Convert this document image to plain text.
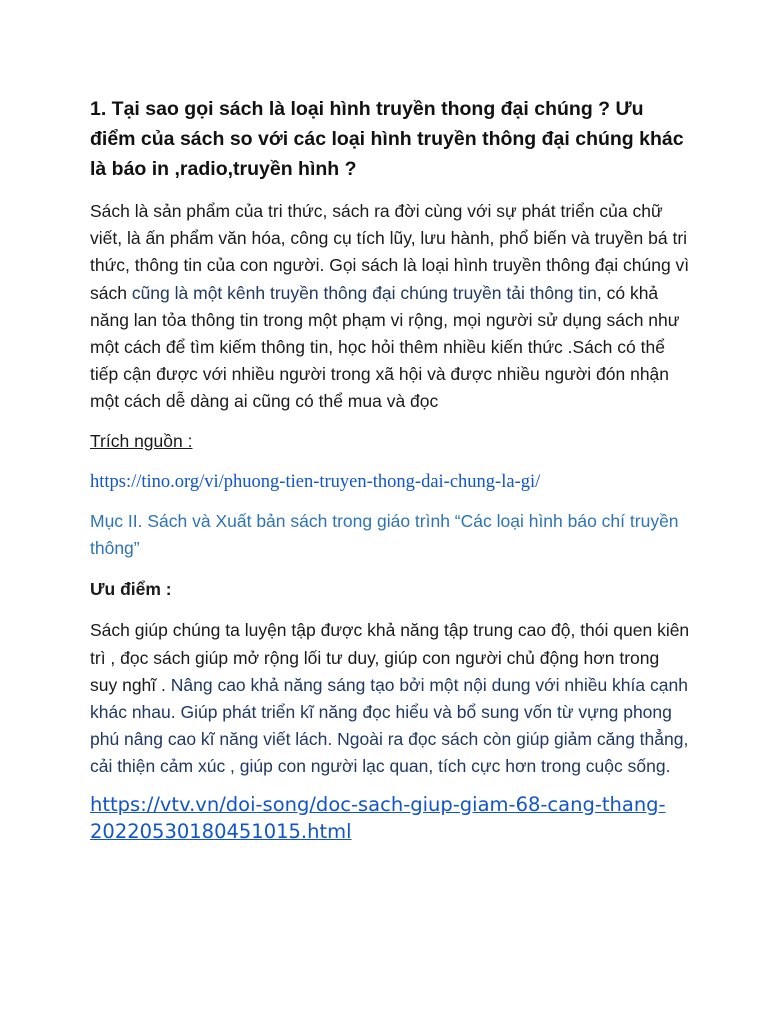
1. Tại sao gọi sách là loại hình truyền thong đại chúng ? Ưu điểm của sách so với các loại hình truyền thông đại chúng khác là báo in ,radio,truyền hình ?

Sách là sản phẩm của tri thức, sách ra đời cùng với sự phát triển của chữ viết, là ấn phẩm văn hóa, công cụ tích lũy, lưu hành, phổ biến và truyền bá tri thức, thông tin của con người. Gọi sách là loại hình truyền thông đại chúng vì sách cũng là một kênh truyền thông đại chúng truyền tải thông tin, có khả năng lan tỏa thông tin trong một phạm vi rộng, mọi người sử dụng sách như một cách để tìm kiếm thông tin, học hỏi thêm nhiều kiến thức .Sách có thể tiếp cận được với nhiều người trong xã hội và được nhiều người đón nhận một cách dễ dàng ai cũng có thể mua và đọc

Trích nguồn :

https://tino.org/vi/phuong-tien-truyen-thong-dai-chung-la-gi/

Mục II. Sách và Xuất bản sách trong giáo trình “Các loại hình báo chí truyền thông”

Ưu điểm :

Sách giúp chúng ta luyện tập được khả năng tập trung cao độ, thói quen kiên trì , đọc sách giúp mở rộng lối tư duy, giúp con người chủ động hơn trong suy nghĩ . Nâng cao khả năng sáng tạo bởi một nội dung với nhiều khía cạnh khác nhau. Giúp phát triển kĩ năng đọc hiểu và bổ sung vốn từ vựng phong phú nâng cao kĩ năng viết lách. Ngoài ra đọc sách còn giúp giảm căng thẳng, cải thiện cảm xúc , giúp con người lạc quan, tích cực hơn trong cuộc sống.

https://vtv.vn/doi-song/doc-sach-giup-giam-68-cang-thang-20220530180451015.html
